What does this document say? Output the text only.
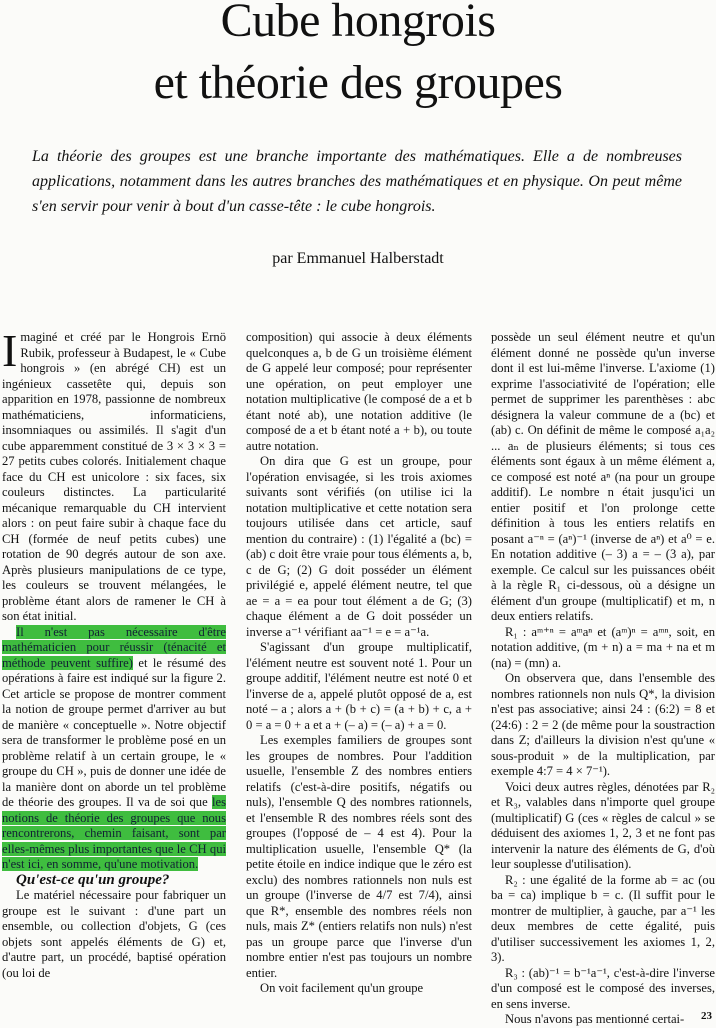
Cube hongrois
et théorie des groupes
La théorie des groupes est une branche importante des mathématiques. Elle a de nombreuses applications, notamment dans les autres branches des mathématiques et en physique. On peut même s'en servir pour venir à bout d'un casse-tête : le cube hongrois.
par Emmanuel Halberstadt

Imaginé et créé par le Hongrois Ernö Rubik, professeur à Budapest, le « Cube hongrois » (en abrégé CH) est un ingénieux cassetête qui, depuis son apparition en 1978, passionne de nombreux mathématiciens, informaticiens, insomniaques ou assimilés. Il s'agit d'un cube apparemment constitué de 3 × 3 × 3 = 27 petits cubes colorés. Initialement chaque face du CH est unicolore : six faces, six couleurs distinctes. La particularité mécanique remarquable du CH intervient alors : on peut faire subir à chaque face du CH (formée de neuf petits cubes) une rotation de 90 degrés autour de son axe. Après plusieurs manipulations de ce type, les couleurs se trouvent mélangées, le problème étant alors de ramener le CH à son état initial.

Il n'est pas nécessaire d'être mathématicien pour réussir (ténacité et méthode peuvent suffire) et le résumé des opérations à faire est indiqué sur la figure 2. Cet article se propose de montrer comment la notion de groupe permet d'arriver au but de manière « conceptuelle ». Notre objectif sera de transformer le problème posé en un problème relatif à un certain groupe, le « groupe du CH », puis de donner une idée de la manière dont on aborde un tel problème de théorie des groupes. Il va de soi que les notions de théorie des groupes que nous rencontrerons, chemin faisant, sont par elles-mêmes plus importantes que le CH qui n'est ici, en somme, qu'une motivation.

Qu'est-ce qu'un groupe?

Le matériel nécessaire pour fabriquer un groupe est le suivant : d'une part un ensemble, ou collection d'objets, G (ces objets sont appelés éléments de G) et, d'autre part, un procédé, baptisé opération (ou loi de

composition) qui associe à deux éléments quelconques a, b de G un troisième élément de G appelé leur composé; pour représenter une opération, on peut employer une notation multiplicative (le composé de a et b étant noté ab), une notation additive (le composé de a et b étant noté a + b), ou toute autre notation.

On dira que G est un groupe, pour l'opération envisagée, si les trois axiomes suivants sont vérifiés (on utilise ici la notation multiplicative et cette notation sera toujours utilisée dans cet article, sauf mention du contraire) : (1) l'égalité a (bc) = (ab) c doit être vraie pour tous éléments a, b, c de G; (2) G doit posséder un élément privilégié e, appelé élément neutre, tel que ae = a = ea pour tout élément a de G; (3) chaque élément a de G doit posséder un inverse a⁻¹ vérifiant aa⁻¹ = e = a⁻¹a.

S'agissant d'un groupe multiplicatif, l'élément neutre est souvent noté 1. Pour un groupe additif, l'élément neutre est noté 0 et l'inverse de a, appelé plutôt opposé de a, est noté – a ; alors a + (b + c) = (a + b) + c, a + 0 = a = 0 + a et a + (– a) = (– a) + a = 0.

Les exemples familiers de groupes sont les groupes de nombres. Pour l'addition usuelle, l'ensemble Z des nombres entiers relatifs (c'est-à-dire positifs, négatifs ou nuls), l'ensemble Q des nombres rationnels, et l'ensemble R des nombres réels sont des groupes (l'opposé de – 4 est 4). Pour la multiplication usuelle, l'ensemble Q* (la petite étoile en indice indique que le zéro est exclu) des nombres rationnels non nuls est un groupe (l'inverse de 4/7 est 7/4), ainsi que R*, ensemble des nombres réels non nuls, mais Z* (entiers relatifs non nuls) n'est pas un groupe parce que l'inverse d'un nombre entier n'est pas toujours un nombre entier.

On voit facilement qu'un groupe

possède un seul élément neutre et qu'un élément donné ne possède qu'un inverse dont il est lui-même l'inverse. L'axiome (1) exprime l'associativité de l'opération; elle permet de supprimer les parenthèses : abc désignera la valeur commune de a (bc) et (ab) c. On définit de même le composé a₁a₂ ... aₙ de plusieurs éléments; si tous ces éléments sont égaux à un même élément a, ce composé est noté aⁿ (na pour un groupe additif). Le nombre n était jusqu'ici un entier positif et l'on prolonge cette définition à tous les entiers relatifs en posant a⁻ⁿ = (aⁿ)⁻¹ (inverse de aⁿ) et a⁰ = e. En notation additive (– 3) a = – (3 a), par exemple. Ce calcul sur les puissances obéit à la règle R₁ ci-dessous, où a désigne un élément d'un groupe (multiplicatif) et m, n deux entiers relatifs.

R₁ : aᵐ⁺ⁿ = aᵐaⁿ et (aᵐ)ⁿ = aᵐⁿ, soit, en notation additive, (m + n) a = ma + na et m (na) = (mn) a.

On observera que, dans l'ensemble des nombres rationnels non nuls Q*, la division n'est pas associative; ainsi 24 : (6:2) = 8 et (24:6) : 2 = 2 (de même pour la soustraction dans Z; d'ailleurs la division n'est qu'une « sous-produit » de la multiplication, par exemple 4:7 = 4 × 7⁻¹).

Voici deux autres règles, dénotées par R₂ et R₃, valables dans n'importe quel groupe (multiplicatif) G (ces « règles de calcul » se déduisent des axiomes 1, 2, 3 et ne font pas intervenir la nature des éléments de G, d'où leur souplesse d'utilisation).

R₂ : une égalité de la forme ab = ac (ou ba = ca) implique b = c. (Il suffit pour le montrer de multiplier, à gauche, par a⁻¹ les deux membres de cette égalité, puis d'utiliser successivement les axiomes 1, 2, 3).

R₃ : (ab)⁻¹ = b⁻¹a⁻¹, c'est-à-dire l'inverse d'un composé est le composé des inverses, en sens inverse.

Nous n'avons pas mentionné certai-	23
